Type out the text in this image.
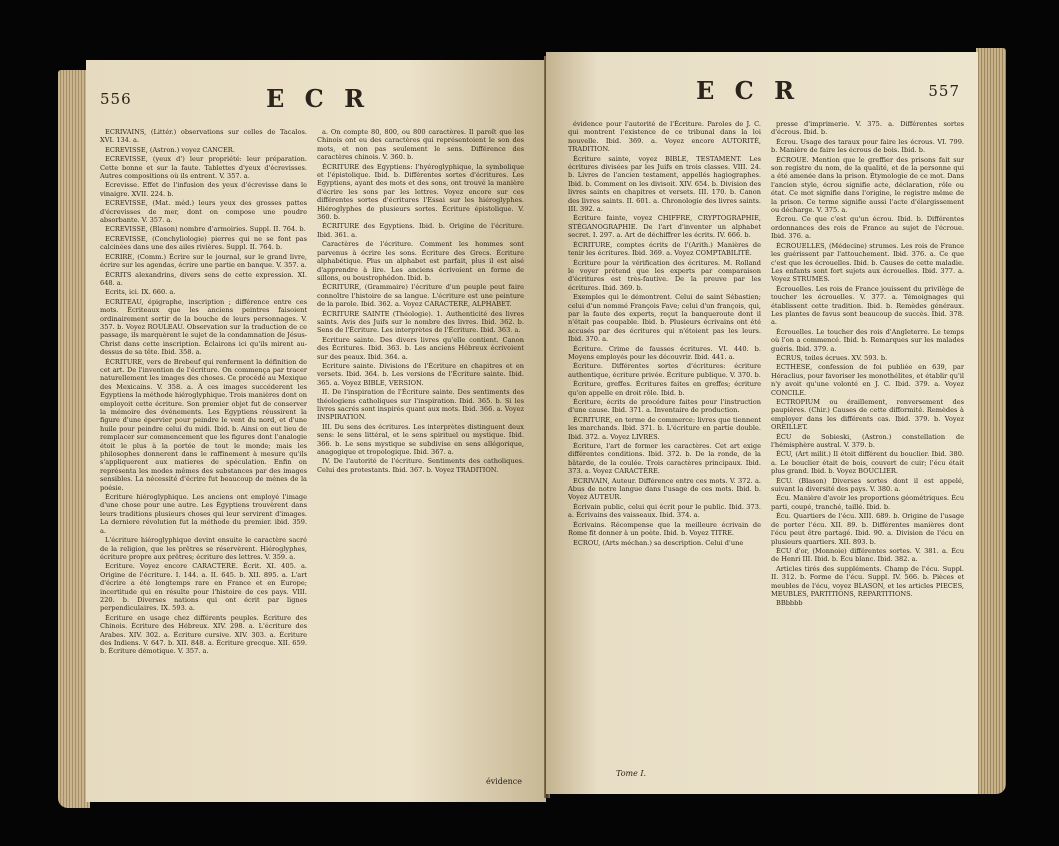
556	E C R

ECRIVAINS, (Littér.) observations sur celles de Tacalos. XVI. 134. a.

ECREVISSE, (Astron.) voyez CANCER.

ECREVISSE, (yeux d') leur propriété: leur préparation. Cette bonne et sur la faute. Tablettes d'yeux d'écrevisses. Autres compositions où ils entrent. V. 357. a.

Ecrevisse. Effet de l'infusion des yeux d'écrevisse dans le vinaigre. XVII. 224. b.

ECREVISSE, (Mat. méd.) leurs yeux des grosses pattes d'écrevisses de mer, dont on compose une poudre absorbante. V. 357. a.

ECREVISSE, (Blason) nombre d'armoiries. Suppl. II. 764. b.

ECREVISSE, (Conchyliologie) pierres qui ne se font pas calcinées dans une des ailes rivières. Suppl. II. 764. b.

ECRIRE, (Comm.) Écrire sur le journal, sur le grand livre, écrire sur les agendas, écrire une partie en banque. V. 357. a.

ÉCRITS alexandrins, divers sens de cette expression. XI. 648. a.

Ecrits, ici. IX. 660. a.

ECRITEAU, épigraphe, inscription ; différence entre ces mots. Écriteaux que les anciens peintres faisoient ordinairement sortir de la bouche de leurs personnages. V. 357. b. Voyez ROULEAU. Observation sur la traduction de ce passage, ils marquèrent le sujet de la condamnation de Jésus-Christ dans cette inscription. Éclairons ici qu'ils mirent au-dessus de sa tête. Ibid. 358. a.

ÉCRITURE, vers de Brebeuf qui renferment la définition de cet art. De l'invention de l'écriture. On commença par tracer naturellement les images des choses. Ce procédé au Mexique des Mexicains. V. 358. a. À ces images succéderent les Egyptiens la méthode hiéroglyphique. Trois manières dont on employoit cette écriture. Son premier objet fut de conserver la mémoire des événements. Les Egyptiens réussirent la figure d'une épervier pour peindre le vent du nord, et d'une huile pour peindre celui du midi. Ibid. b. Ainsi on eut lieu de remplacer sur commencement que les figures dont l'analogie étoit le plus à la portée de tout le monde; mais les philosophes donnerent dans le raffinement à mesure qu'ils s'appliquerent aux matieres de spéculation. Enfin on représenta les modes mêmes des substances par des images sensibles. La nécessité d'écrire fut beaucoup de ménes de la poésie.

Écriture hiéroglyphique. Les anciens ont employé l'image d'une chose pour une autre. Les Égyptiens trouvèrent dans leurs traditions plusieurs choses qui leur servirent d'images. La derniere révolution fut la méthode du premier. ibid. 359. a.

L'écriture hiéroglyphique devint ensuite le caractère sacré de la religion, que les prêtres se réservèrent. Hiéroglyphes, écriture propre aux prêtres; écriture des lettres. V. 359. a.

Ecriture. Voyez encore CARACTERE. Écrit. XI. 405. a. Origine de l'écriture. I. 144. a. II. 645. b. XII. 895. a. L'art d'écrire a été longtemps rare en France et en Europe; incertitude qui en résulte pour l'histoire de ces pays. VIII. 220. b. Diverses nations qui ont écrit par lignes perpendiculaires. IX. 593. a.

Écriture en usage chez différents peuples. Écriture des Chinois. Écriture des Hébreux. XIV. 298. a. L'écriture des Arabes. XIV. 302. a. Écriture cursive. XIV. 303. a. Écriture des Indiens. V. 647. b. XII. 848. a. Écriture grecque. XII. 659. b. Écriture démotique. V. 357. a.

a. On compte 80, 800, ou 800 caractères. Il paroît que les Chinois ont eu des caractères qui représentoient le son des mots, et non pas seulement le sens. Différence des caractères chinois. V. 360. b.

ÉCRITURE des Egyptiens: l'hyéroglyphique, la symbolique et l'épistolique. Ibid. b. Différentes sortes d'écritures. Les Egyptiens, ayant des mots et des sons, ont trouvé la manière d'écrire les sons par les lettres. Voyez encore sur ces différentes sortes d'écritures l'Essai sur les hiéroglyphes. Hiéroglyphes de plusieurs sortes. Écriture épistolique. V. 360. b.

ÉCRITURE des Egyptiens. Ibid. b. Origine de l'écriture. Ibid. 361. a.

Caractères de l'écriture. Comment les hommes sont parvenus à écrire les sons. Écriture des Grecs. Écriture alphabétique. Plus un alphabet est parfait, plus il est aisé d'apprendre à lire. Les anciens écrivoient en forme de sillons, ou boustrophédon. Ibid. b.

ÉCRITURE, (Grammaire) l'écriture d'un peuple peut faire connoître l'histoire de sa langue. L'écriture est une peinture de la parole. Ibid. 362. a. Voyez CARACTERE, ALPHABET.

ÉCRITURE SAINTE (Théologie). 1. Authenticité des livres saints. Avis des Juifs sur le nombre des livres. Ibid. 362. b. Sens de l'Écriture. Les interprètes de l'Écriture. Ibid. 363. a.

Ecriture sainte. Des divers livres qu'elle contient. Canon des Écritures. Ibid. 363. b. Les anciens Hébreux écrivoient sur des peaux. Ibid. 364. a.

Ecriture sainte. Divisions de l'Écriture en chapitres et en versets. Ibid. 364. b. Les versions de l'Écriture sainte. Ibid. 365. a. Voyez BIBLE, VERSION.

II. De l'inspiration de l'Écriture sainte. Des sentiments des théologiens catholiques sur l'inspiration. Ibid. 365. b. Si les livres sacrés sont inspirés quant aux mots. Ibid. 366. a. Voyez INSPIRATION.

III. Du sens des écritures. Les interprètes distinguent deux sens: le sens littéral, et le sens spirituel ou mystique. Ibid. 366. b. Le sens mystique se subdivise en sens allégorique, anagogique et tropologique. Ibid. 367. a.

IV. De l'autorité de l'écriture. Sentiments des catholiques. Celui des protestants. Ibid. 367. b. Voyez TRADITION.

évidence
E C R	557

évidence pour l'autorité de l'Écriture. Paroles de J. C. qui montrent l'existence de ce tribunal dans la loi nouvelle. Ibid. 369. a. Voyez encore AUTORITÉ, TRADITION.

Écriture sainte, voyez BIBLE, TESTAMENT. Les écritures divisées par les Juifs en trois classes. VIII. 24. b. Livres de l'ancien testament, appellés hagiographes. Ibid. b. Comment on les divisoit. XIV. 654. b. Division des livres saints en chapitres et versets. III. 170. b. Canon des livres saints. II. 601. a. Chronologie des livres saints. III. 392. a.

Écriture fainte, voyez CHIFFRE, CRYPTOGRAPHIE, STÉGANOGRAPHIE. De l'art d'inventer un alphabet secret. I. 297. a. Art de déchiffrer les écrits. IV. 666. b.

ÉCRITURE, comptes écrits de l'(Arith.) Manières de tenir les écritures. Ibid. 369. a. Voyez COMPTABILITÉ.

Écriture pour la vérification des écritures. M. Rolland le voyer prétend que les experts par comparaison d'écritures est très-fautive. De la preuve par les écritures. Ibid. 369. b.

Exemples qui le démontrent. Celui de saint Sébastien; celui d'un nommé François Fave; celui d'un françois, qui, par la faute des experts, reçut la banqueroute dont il n'était pas coupable. Ibid. b. Plusieurs écrivains ont été accusés par des écritures qui n'étoient pas les leurs. Ibid. 370. a.

Écriture. Crime de fausses écritures. VI. 440. b. Moyens employés pour les découvrir. Ibid. 441. a.

Écriture. Différentes sortes d'écritures: écriture authentique, écriture privée. Écriture publique. V. 370. b.

Écriture, greffes. Écritures faites en greffes; écriture qu'on appelle en droit rôle. Ibid. b.

Écriture, écrits de procédure faites pour l'instruction d'une cause. Ibid. 371. a. Inventaire de production.

ÉCRITURE, en terme de commerce: livres que tiennent les marchands. Ibid. 371. b. L'écriture en partie double. Ibid. 372. a. Voyez LIVRES.

Écriture, l'art de former les caractères. Cet art exige différentes conditions. Ibid. 372. b. De la ronde, de la bâtarde, de la coulée. Trois caractères principaux. Ibid. 373. a. Voyez CARACTÈRE.

ECRIVAIN, Auteur. Différence entre ces mots. V. 372. a. Abus de notre langue dans l'usage de ces mots. Ibid. b. Voyez AUTEUR.

Écrivain public, celui qui écrit pour le public. Ibid. 373. a. Écrivains des vaisseaux. Ibid. 374. a.

Écrivains. Récompense que la meilleure écrivain de Rome fit donner à un poète. Ibid. b. Voyez TITRE.

ECROU, (Arts méchan.) sa description. Celui d'une

presse d'imprimerie. V. 375. a. Différentes sortes d'écrous. Ibid. b.

Écrou. Usage des taraux pour faire les écrous. VI. 799. b. Manière de faire les écrous de bois. Ibid. b.

ÉCROUE. Mention que le greffier des prisons fait sur son registre du nom, de la qualité, et de la personne qui a été amenée dans la prison. Étymologie de ce mot. Dans l'ancien style, écrou signifie acte, déclaration, rôle ou état. Ce mot signifie dans l'origine, le registre même de la prison. Ce terme signifie aussi l'acte d'élargissement ou décharge. V. 375. a.

Écrou. Ce que c'est qu'un écrou. Ibid. b. Différentes ordonnances des rois de France au sujet de l'écroue. Ibid. 376. a.

ÉCROUELLES, (Médecine) strumes. Les rois de France les guérissent par l'attouchement. Ibid. 376. a. Ce que c'est que les écrouelles. Ibid. b. Causes de cette maladie. Les enfants sont fort sujets aux écrouelles. Ibid. 377. a. Voyez STRUMES.

Écrouelles. Les rois de France jouissent du privilège de toucher les écrouelles. V. 377. a. Témoignages qui établissent cette tradition. Ibid. b. Remèdes généraux. Les plantes de favus sont beaucoup de succès. Ibid. 378. a.

Écrouelles. Le toucher des rois d'Angleterre. Le temps où l'on a commencé. Ibid. b. Remarques sur les malades guéris. Ibid. 379. a.

ÉCRUS, toiles écrues. XV. 593. b.

ECTHESE, confession de foi publiée en 639, par Héraclius, pour favoriser les monothélites, et établir qu'il n'y avoit qu'une volonté en J. C. Ibid. 379. a. Voyez CONCILE.

ECTROPIUM ou éraillement, renversement des paupières. (Chir.) Causes de cette difformité. Remèdes à employer dans les différents cas. Ibid. 379. b. Voyez ORÉILLET.

ÉCU de Sobieski, (Astron.) constellation de l'hémisphère austral. V. 379. b.

ÉCU, (Art milit.) Il étoit différent du bouclier. Ibid. 380. a. Le bouclier était de bois, couvert de cuir; l'écu était plus grand. Ibid. b. Voyez BOUCLIER.

ÉCU. (Blason) Diverses sortes dont il est appelé, suivant la diversité des pays. V. 380. a.

Écu. Manière d'avoir les proportions géométriques. Écu parti, coupé, tranché, taillé. Ibid. b.

Écu. Quartiers de l'écu. XIII. 689. b. Origine de l'usage de porter l'écu. XII. 89. b. Différentes manières dont l'écu peut être partagé. Ibid. 90. a. Division de l'écu en plusieurs quartiers. XII. 893. b.

ÉCU d'or, (Monnoie) différentes sortes. V. 381. a. Écu de Henri III. Ibid. b. Écu blanc. Ibid. 382. a.

Articles tirés des suppléments. Champ de l'écu. Suppl. II. 312. b. Forme de l'écu. Suppl. IV. 566. b. Pièces et meubles de l'écu, voyez BLASON, et les articles PIECES, MEUBLES, PARTITIONS, REPARTITIONS.

BBbbbb

Tome I.
